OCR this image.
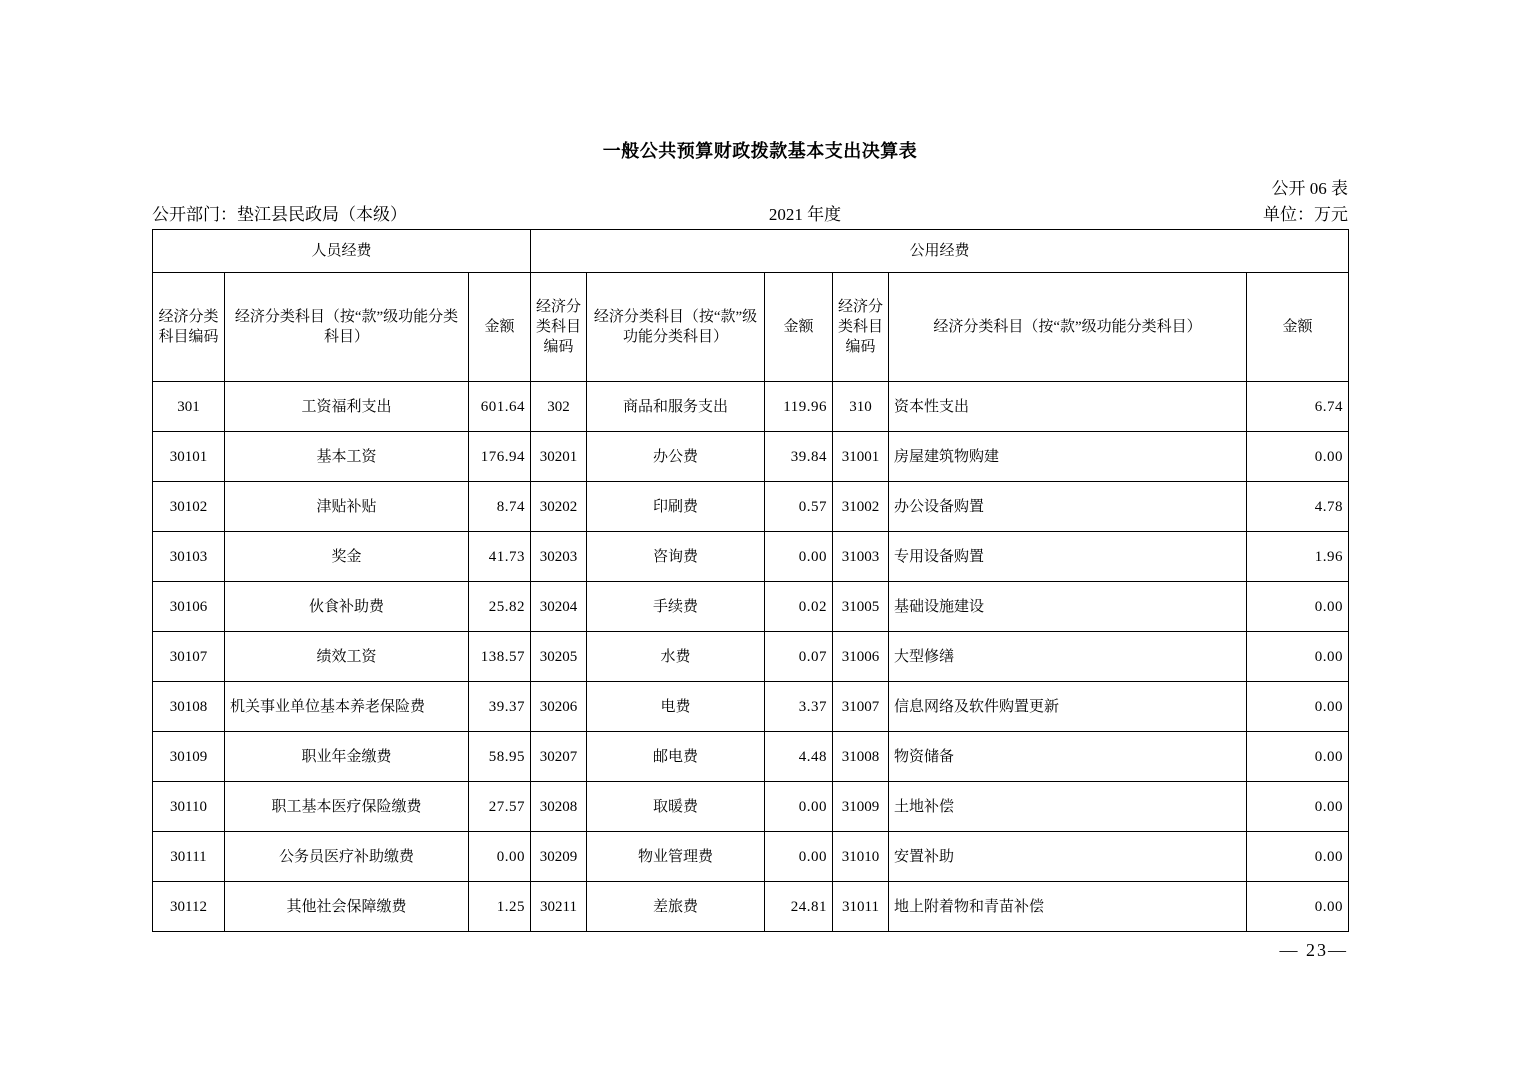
一般公共预算财政拨款基本支出决算表
公开 06 表
单位：万元
公开部门：垫江县民政局（本级）	2021 年度
人员经费			公用经费					
经济分类科目编码	经济分类科目（按“款”级功能分类科目）	金额	经济分类科目编码	经济分类科目（按“款”级功能分类科目）	金额	经济分类科目编码	经济分类科目（按“款”级功能分类科目）	金额
301	工资福利支出	601.64	302	商品和服务支出	119.96	310	资本性支出	6.74
30101	基本工资	176.94	30201	办公费	39.84	31001	房屋建筑物购建	0.00
30102	津贴补贴	8.74	30202	印刷费	0.57	31002	办公设备购置	4.78
30103	奖金	41.73	30203	咨询费	0.00	31003	专用设备购置	1.96
30106	伙食补助费	25.82	30204	手续费	0.02	31005	基础设施建设	0.00
30107	绩效工资	138.57	30205	水费	0.07	31006	大型修缮	0.00
30108	机关事业单位基本养老保险费	39.37	30206	电费	3.37	31007	信息网络及软件购置更新	0.00
30109	职业年金缴费	58.95	30207	邮电费	4.48	31008	物资储备	0.00
30110	职工基本医疗保险缴费	27.57	30208	取暖费	0.00	31009	土地补偿	0.00
30111	公务员医疗补助缴费	0.00	30209	物业管理费	0.00	31010	安置补助	0.00
30112	其他社会保障缴费	1.25	30211	差旅费	24.81	31011	地上附着物和青苗补偿	0.00
— 23—
